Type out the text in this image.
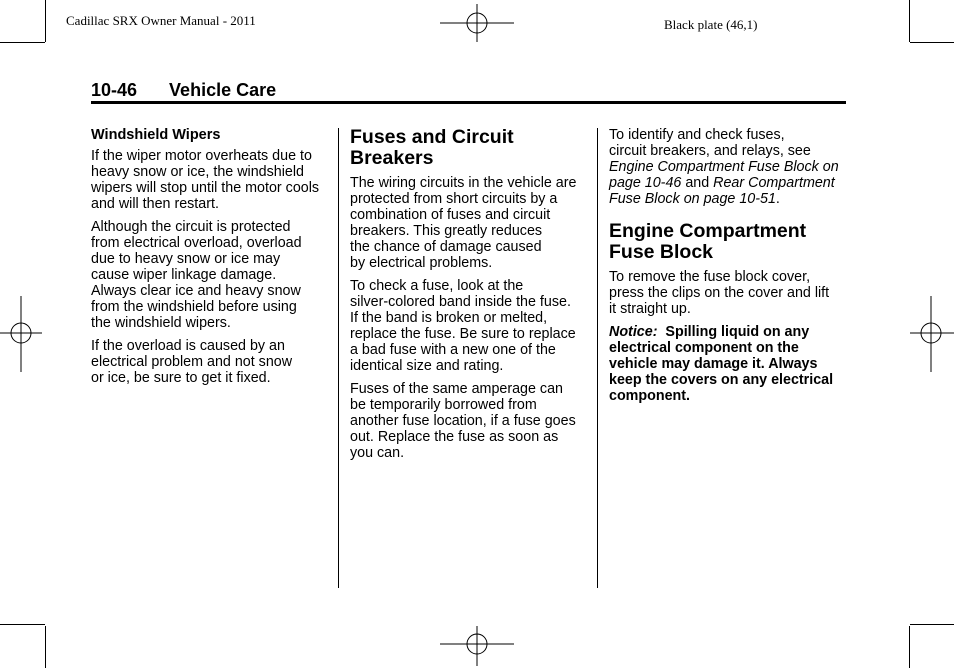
Cadillac SRX Owner Manual - 2011	Black plate (46,1)
10-46 Vehicle Care
Windshield Wipers

If the wiper motor overheats due to
heavy snow or ice, the windshield
wipers will stop until the motor cools
and will then restart.

Although the circuit is protected
from electrical overload, overload
due to heavy snow or ice may
cause wiper linkage damage.
Always clear ice and heavy snow
from the windshield before using
the windshield wipers.

If the overload is caused by an
electrical problem and not snow
or ice, be sure to get it fixed.

Fuses and Circuit
Breakers

The wiring circuits in the vehicle are
protected from short circuits by a
combination of fuses and circuit
breakers. This greatly reduces
the chance of damage caused
by electrical problems.

To check a fuse, look at the
silver-colored band inside the fuse.
If the band is broken or melted,
replace the fuse. Be sure to replace
a bad fuse with a new one of the
identical size and rating.

Fuses of the same amperage can
be temporarily borrowed from
another fuse location, if a fuse goes
out. Replace the fuse as soon as
you can.

To identify and check fuses,
circuit breakers, and relays, see
Engine Compartment Fuse Block on
page 10-46 and Rear Compartment
Fuse Block on page 10-51.

Engine Compartment
Fuse Block

To remove the fuse block cover,
press the clips on the cover and lift
it straight up.

Notice: Spilling liquid on any
electrical component on the
vehicle may damage it. Always
keep the covers on any electrical
component.
